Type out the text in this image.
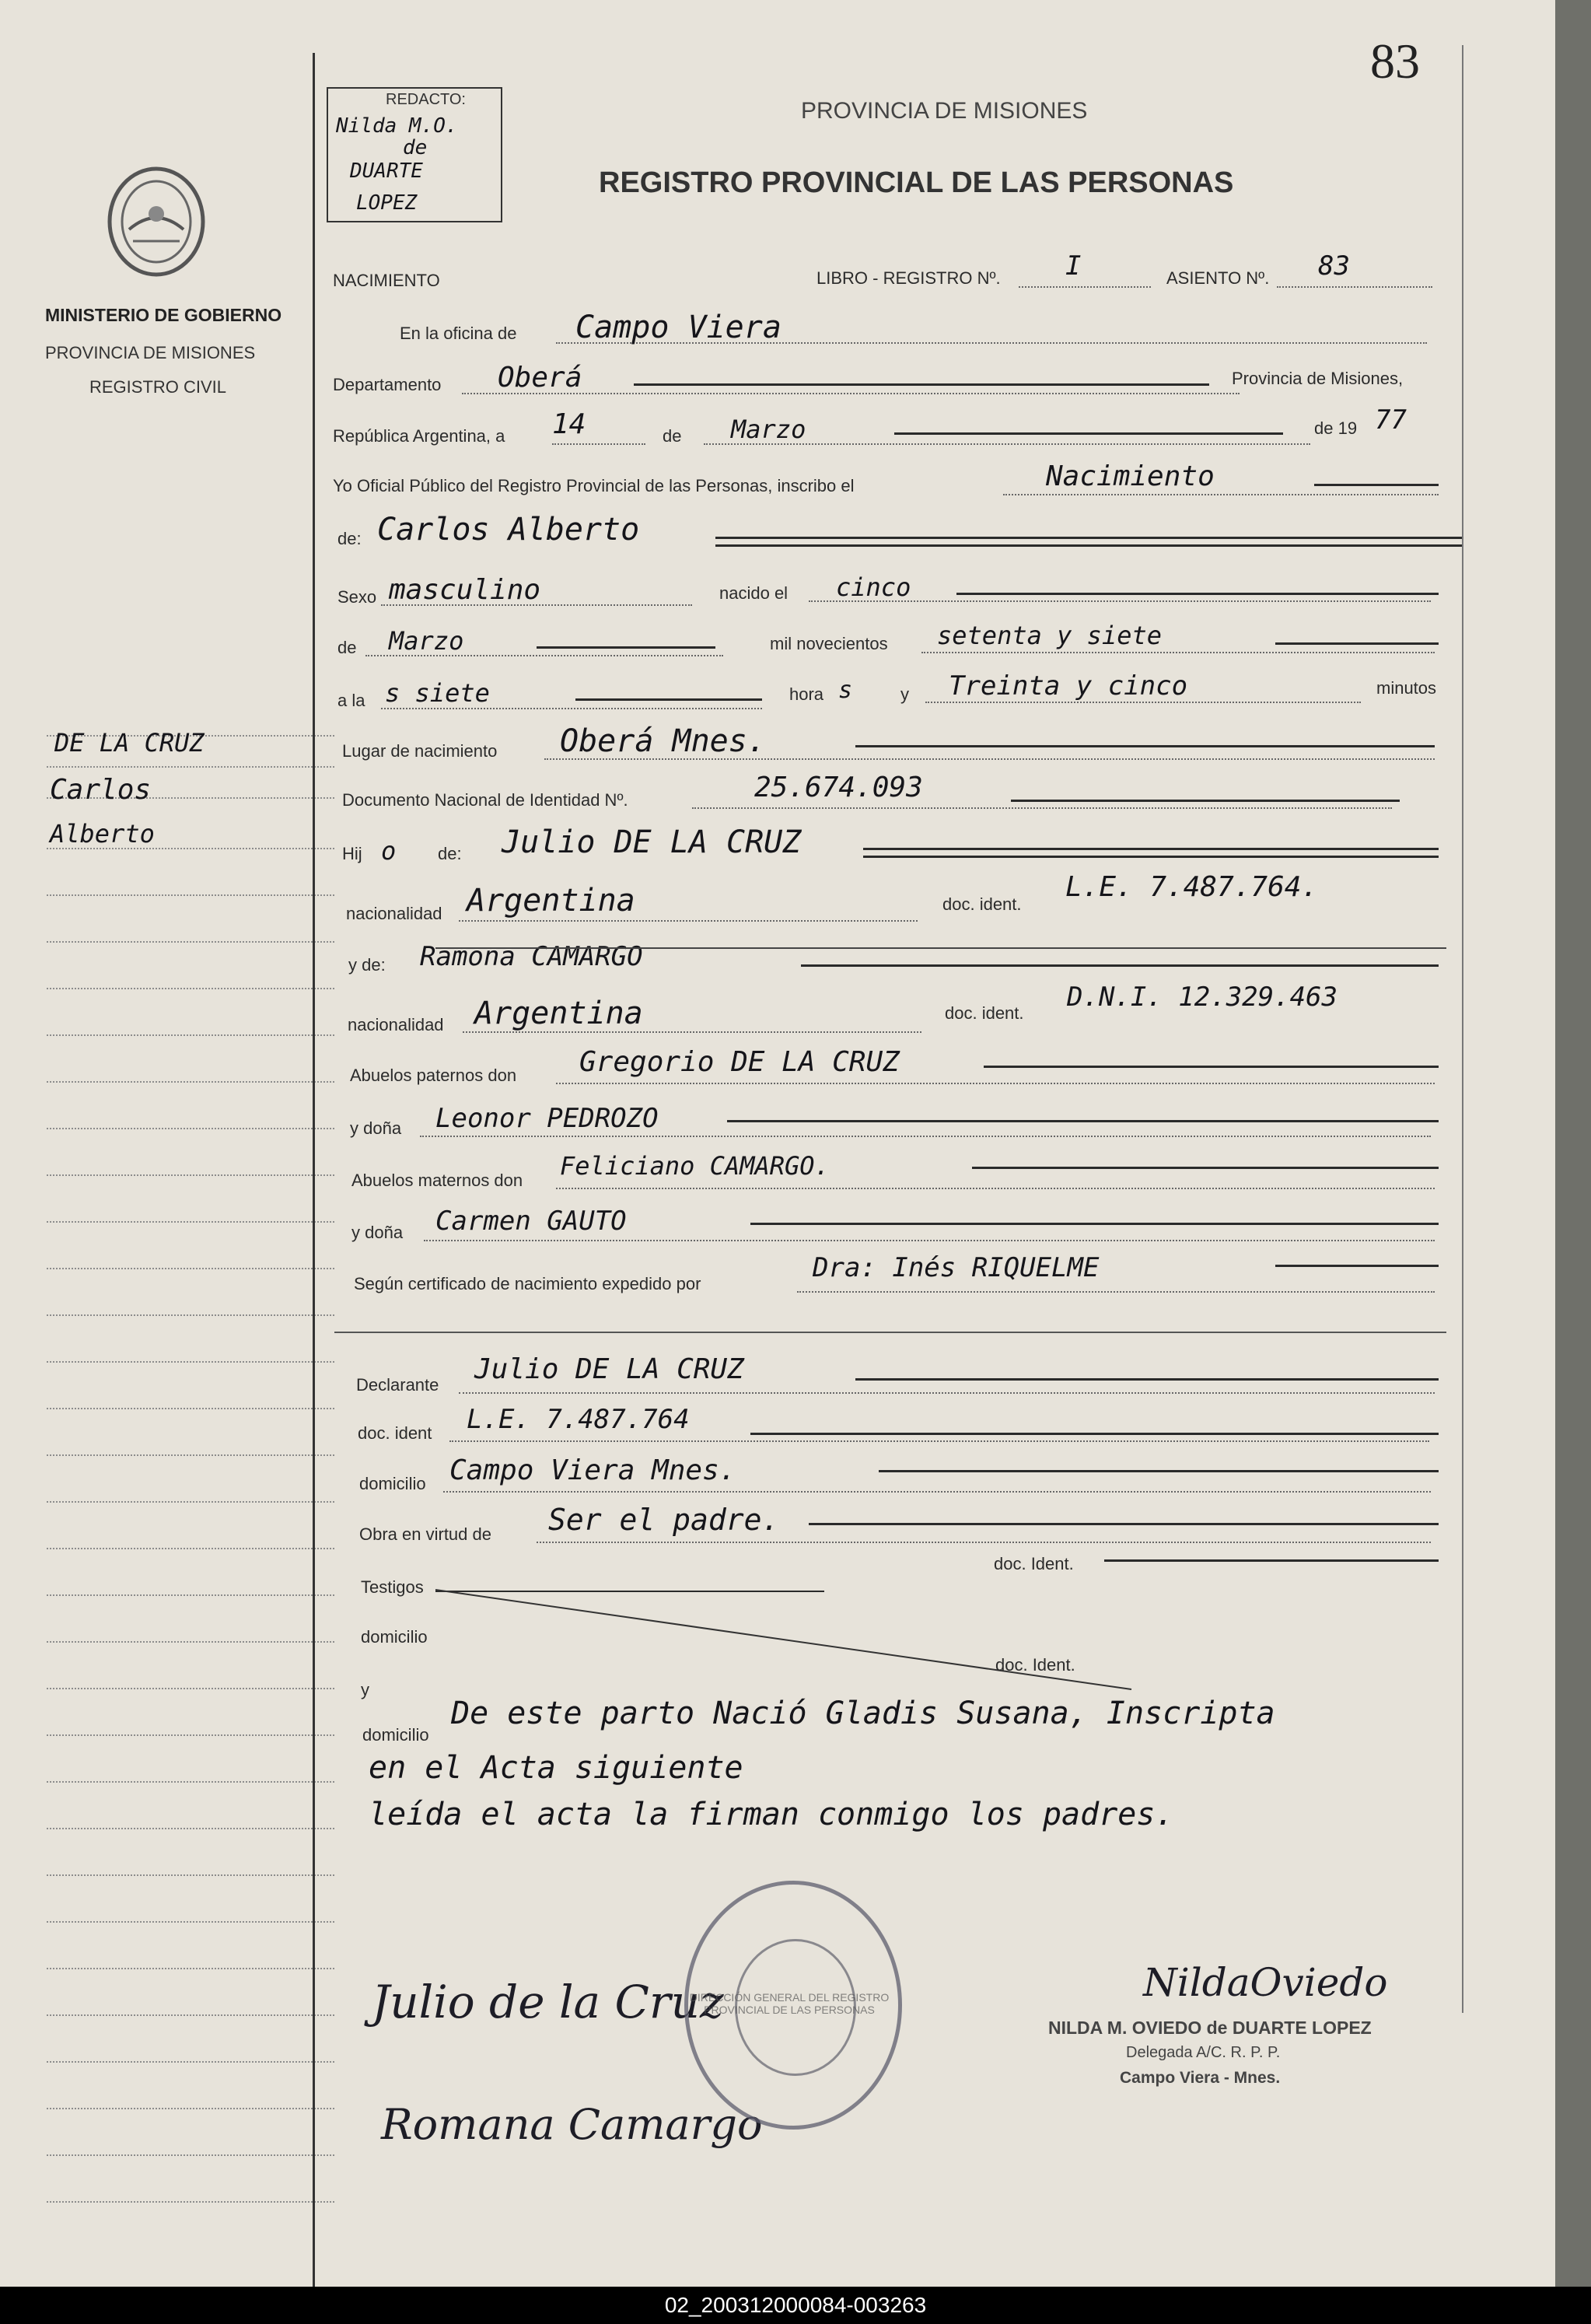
83
MINISTERIO DE GOBIERNO
PROVINCIA DE MISIONES
REGISTRO CIVIL
REDACTO:
Nilda M.O.
de
DUARTE
LOPEZ
PROVINCIA DE MISIONES
REGISTRO PROVINCIAL DE LAS PERSONAS
DE LA CRUZ
Carlos
Alberto
NACIMIENTO	LIBRO - REGISTRO Nº. I	ASIENTO Nº. 83
En la oficina de Campo Viera
Departamento Oberá	Provincia de Misiones,
República Argentina, a 14	de Marzo	de 19 77
Yo Oficial Público del Registro Provincial de las Personas, inscribo el	Nacimiento
de: Carlos Alberto
Sexo masculino	nacido el cinco
de Marzo	mil novecientos setenta y siete
a la s siete	hora s	y Treinta y cinco	minutos
Lugar de nacimiento Oberá Mnes.
Documento Nacional de Identidad Nº.	25.674.093
Hij o de: Julio DE LA CRUZ
nacionalidad Argentina	doc. ident.
L.E. 7.487.764.
y de: Ramona CAMARGO
nacionalidad Argentina	doc. ident.
D.N.I. 12.329.463
Abuelos paternos don Gregorio DE LA CRUZ
y doña Leonor PEDROZO
Abuelos maternos don Feliciano CAMARGO.
y doña Carmen GAUTO
Según certificado de nacimiento expedido por
Dra: Inés RIQUELME
Declarante Julio DE LA CRUZ
doc. ident L.E. 7.487.764
domicilio Campo Viera Mnes.
Obra en virtud de Ser el padre.
doc. Ident.
Testigos
domicilio
doc. Ident.
y
domicilio
De este parto Nació Gladis Susana, Inscripta
en el Acta siguiente
leída el acta la firman conmigo los padres.
Julio de la Cruz
Romana Camargo
NildaOviedo
NILDA M. OVIEDO de DUARTE LOPEZ
Delegada A/C. R. P. P.
Campo Viera - Mnes.
DIRECCIÓN GENERAL DEL REGISTRO PROVINCIAL DE LAS PERSONAS
02_200312000084-003263
